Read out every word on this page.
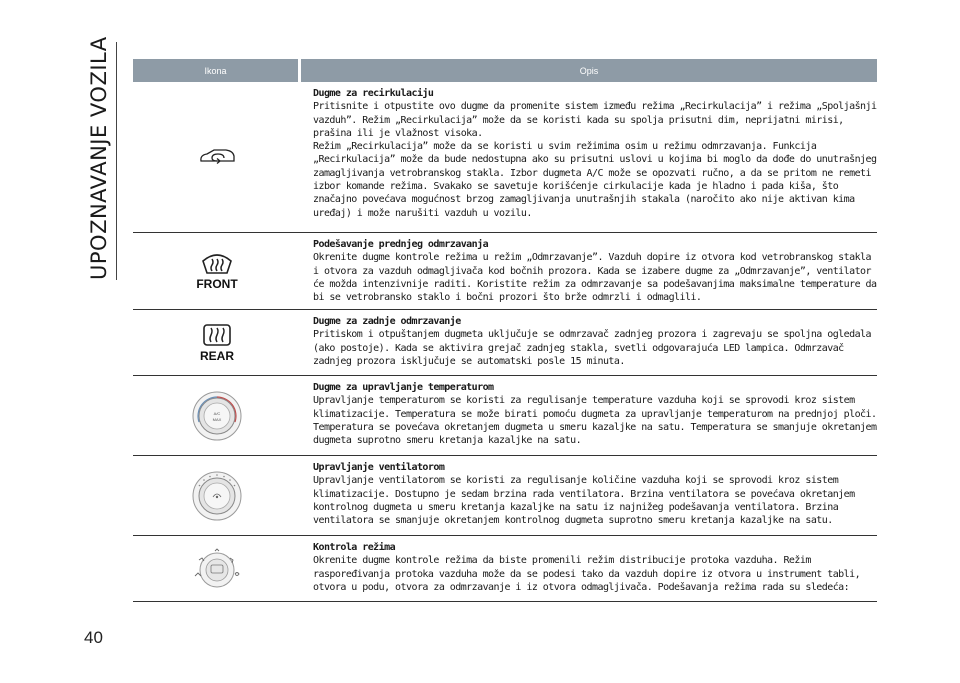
UPOZNAVANJE VOZILA	Ikona	Opis
Dugme za recirkulaciju
Pritisnite i otpustite ovo dugme da promenite sistem između režima „Recirkulacija” i režima „Spoljašnji vazduh”. Režim „Recirkulacija” može da se koristi kada su spolja prisutni dim, neprijatni mirisi, prašina ili je vlažnost visoka.
Režim „Recirkulacija” može da se koristi u svim režimima osim u režimu odmrzavanja. Funkcija „Recirkulacija” može da bude nedostupna ako su prisutni uslovi u kojima bi moglo da dođe do unutrašnjeg zamagljivanja vetrobranskog stakla. Izbor dugmeta A/C može se opozvati ručno, a da se pritom ne remeti izbor komande režima. Svakako se savetuje korišćenje cirkulacije kada je hladno i pada kiša, što značajno povećava mogućnost brzog zamagljivanja unutrašnjih stakala (naročito ako nije aktivan kima uređaj) i može narušiti vazduh u vozilu.
FRONT
Podešavanje prednjeg odmrzavanja
Okrenite dugme kontrole režima u režim „Odmrzavanje”. Vazduh dopire iz otvora kod vetrobranskog stakla i otvora za vazduh odmagljivača kod bočnih prozora. Kada se izabere dugme za „Odmrzavanje”, ventilator će možda intenzivnije raditi. Koristite režim za odmrzavanje sa podešavanjima maksimalne temperature da bi se vetrobransko staklo i bočni prozori što brže odmrzli i odmaglili.
REAR
Dugme za zadnje odmrzavanje
Pritiskom i otpuštanjem dugmeta uključuje se odmrzavač zadnjeg prozora i zagrevaju se spoljna ogledala (ako postoje). Kada se aktivira grejač zadnjeg stakla, svetli odgovarajuća LED lampica. Odmrzavač zadnjeg prozora isključuje se automatski posle 15 minuta.
A/C
MAX
Dugme za upravljanje temperaturom
Upravljanje temperaturom se koristi za regulisanje temperature vazduha koji se sprovodi kroz sistem klimatizacije. Temperatura se može birati pomoću dugmeta za upravljanje temperaturom na prednjoj ploči. Temperatura se povećava okretanjem dugmeta u smeru kazaljke na satu. Temperatura se smanjuje okretanjem dugmeta suprotno smeru kretanja kazaljke na satu.
Upravljanje ventilatorom
Upravljanje ventilatorom se koristi za regulisanje količine vazduha koji se sprovodi kroz sistem klimatizacije. Dostupno je sedam brzina rada ventilatora. Brzina ventilatora se povećava okretanjem kontrolnog dugmeta u smeru kretanja kazaljke na satu iz najnižeg podešavanja ventilatora. Brzina ventilatora se smanjuje okretanjem kontrolnog dugmeta suprotno smeru kretanja kazaljke na satu.
Kontrola režima
Okrenite dugme kontrole režima da biste promenili režim distribucije protoka vazduha. Režim raspoređivanja protoka vazduha može da se podesi tako da vazduh dopire iz otvora u instrument tabli, otvora u podu, otvora za odmrzavanje i iz otvora odmagljivača. Podešavanja režima rada su sledeća:
40
